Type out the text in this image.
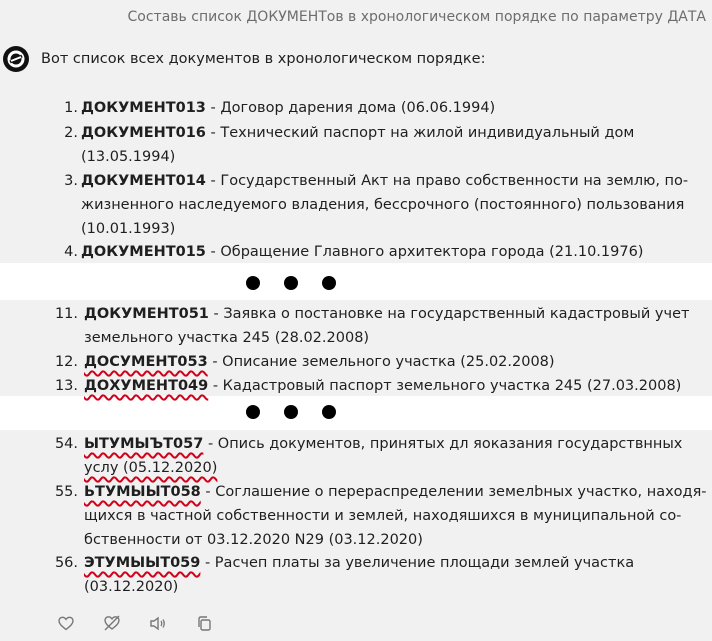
Составь список ДОКУМЕНТов в хронологическом порядке по параметру ДАТА
Вот список всех документов в хронологическом порядке:
1. ДОКУМЕНТ013 - Договор дарения дома (06.06.1994)
2. ДОКУМЕНТ016 - Технический паспорт на жилой индивидуальный дом
(13.05.1994)
3. ДОКУМЕНТ014 - Государственный Акт на право собственности на землю, по-
жизненного наследуемого владения, бессрочного (постоянного) пользования
(10.01.1993)
4. ДОКУМЕНТ015 - Обращение Главного архитектора города (21.10.1976)
11. ДОКУМЕНТ051 - Заявка о постановке на государственный кадастровый учет
земельного участка 245 (28.02.2008)
12. ДОСУМЕНТ053 - Описание земельного участка (25.02.2008)
13. ДОХУМЕНТ049 - Кадастровый паспорт земельного участка 245 (27.03.2008)
54. ЫТУМЫЪТ057 - Опись документов, принятых дл яоказания государствнных
услу (05.12.2020)
55. ЬТУМЫЫТ058 - Соглашение о перераспределении земелbных участко, находя-
щихся в частной собственности и землей, находяшихся в муниципальной со-
бственности от 03.12.2020 N29 (03.12.2020)
56. ЭТУМЫЫТ059 - Расчеп платы за увеличение площади землей участка
(03.12.2020)
